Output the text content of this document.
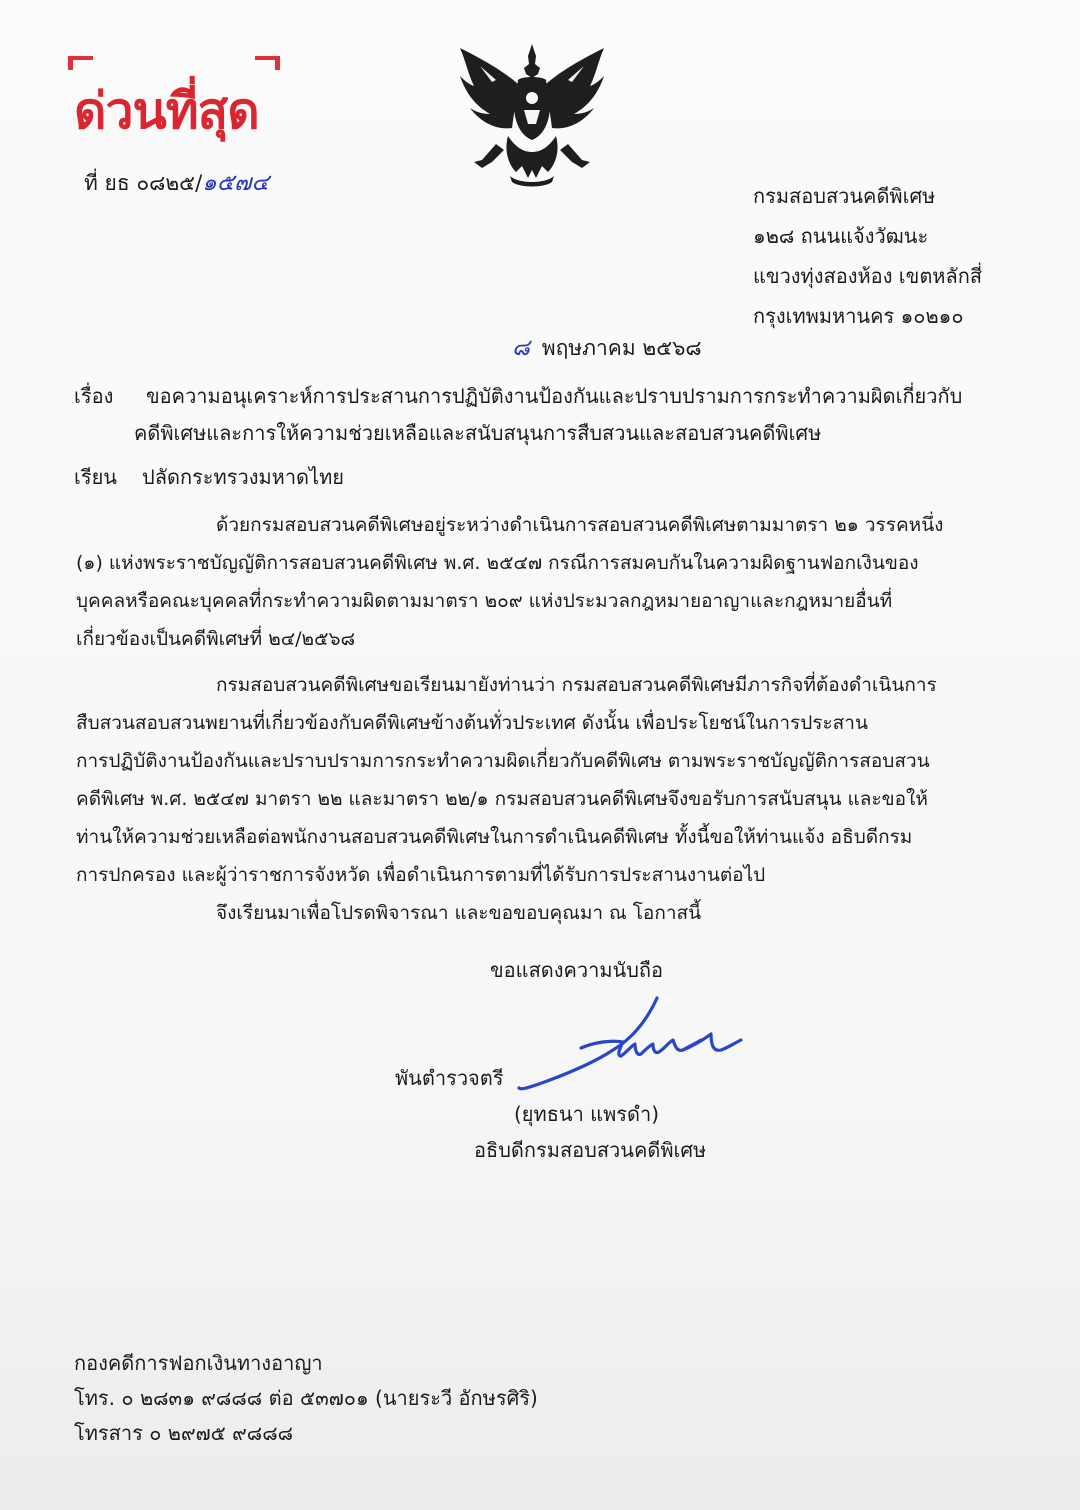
ด่วนที่สุด
ที่ ยธ ๐๘๒๕/๑๕๗๔	กรมสอบสวนคดีพิเศษ
๑๒๘ ถนนแจ้งวัฒนะ
แขวงทุ่งสองห้อง เขตหลักสี่
กรุงเทพมหานคร ๑๐๒๑๐
๘ พฤษภาคม ๒๕๖๘
เรื่อง	ขอความอนุเคราะห์การประสานการปฏิบัติงานป้องกันและปราบปรามการกระทำความผิดเกี่ยวกับ
คดีพิเศษและการให้ความช่วยเหลือและสนับสนุนการสืบสวนและสอบสวนคดีพิเศษ
เรียน ปลัดกระทรวงมหาดไทย
ด้วยกรมสอบสวนคดีพิเศษอยู่ระหว่างดำเนินการสอบสวนคดีพิเศษตามมาตรา ๒๑ วรรคหนึ่ง
(๑) แห่งพระราชบัญญัติการสอบสวนคดีพิเศษ พ.ศ. ๒๕๔๗ กรณีการสมคบกันในความผิดฐานฟอกเงินของ
บุคคลหรือคณะบุคคลที่กระทำความผิดตามมาตรา ๒๐๙ แห่งประมวลกฎหมายอาญาและกฎหมายอื่นที่
เกี่ยวข้องเป็นคดีพิเศษที่ ๒๔/๒๕๖๘
กรมสอบสวนคดีพิเศษขอเรียนมายังท่านว่า กรมสอบสวนคดีพิเศษมีภารกิจที่ต้องดำเนินการ
สืบสวนสอบสวนพยานที่เกี่ยวข้องกับคดีพิเศษข้างต้นทั่วประเทศ ดังนั้น เพื่อประโยชน์ในการประสาน
การปฏิบัติงานป้องกันและปราบปรามการกระทำความผิดเกี่ยวกับคดีพิเศษ ตามพระราชบัญญัติการสอบสวน
คดีพิเศษ พ.ศ. ๒๕๔๗ มาตรา ๒๒ และมาตรา ๒๒/๑ กรมสอบสวนคดีพิเศษจึงขอรับการสนับสนุน และขอให้
ท่านให้ความช่วยเหลือต่อพนักงานสอบสวนคดีพิเศษในการดำเนินคดีพิเศษ ทั้งนี้ขอให้ท่านแจ้ง อธิบดีกรม
การปกครอง และผู้ว่าราชการจังหวัด เพื่อดำเนินการตามที่ได้รับการประสานงานต่อไป
จึงเรียนมาเพื่อโปรดพิจารณา และขอขอบคุณมา ณ โอกาสนี้
ขอแสดงความนับถือ
พันตำรวจตรี
(ยุทธนา แพรดำ)
อธิบดีกรมสอบสวนคดีพิเศษ
กองคดีการฟอกเงินทางอาญา
โทร. ๐ ๒๘๓๑ ๙๘๘๘ ต่อ ๕๓๗๐๑ (นายระวี อักษรศิริ)
โทรสาร ๐ ๒๙๗๕ ๙๘๘๘
